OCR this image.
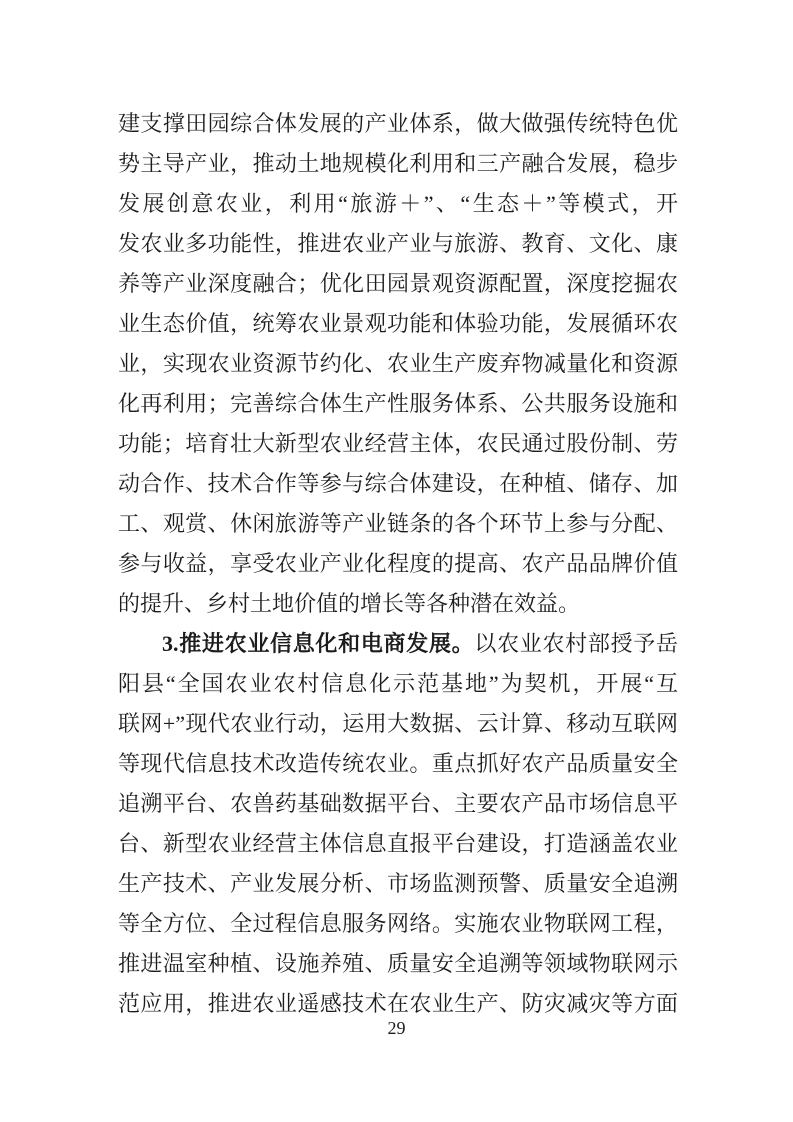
建支撑田园综合体发展的产业体系，做大做强传统特色优
势主导产业，推动土地规模化利用和三产融合发展，稳步
发展创意农业，利用“旅游＋”、“生态＋”等模式，开
发农业多功能性，推进农业产业与旅游、教育、文化、康
养等产业深度融合；优化田园景观资源配置，深度挖掘农
业生态价值，统筹农业景观功能和体验功能，发展循环农
业，实现农业资源节约化、农业生产废弃物减量化和资源
化再利用；完善综合体生产性服务体系、公共服务设施和
功能；培育壮大新型农业经营主体，农民通过股份制、劳
动合作、技术合作等参与综合体建设，在种植、储存、加
工、观赏、休闲旅游等产业链条的各个环节上参与分配、
参与收益，享受农业产业化程度的提高、农产品品牌价值
的提升、乡村土地价值的增长等各种潜在效益。
3.推进农业信息化和电商发展。以农业农村部授予岳
阳县“全国农业农村信息化示范基地”为契机，开展“互
联网+”现代农业行动，运用大数据、云计算、移动互联网
等现代信息技术改造传统农业。重点抓好农产品质量安全
追溯平台、农兽药基础数据平台、主要农产品市场信息平
台、新型农业经营主体信息直报平台建设，打造涵盖农业
生产技术、产业发展分析、市场监测预警、质量安全追溯
等全方位、全过程信息服务网络。实施农业物联网工程，
推进温室种植、设施养殖、质量安全追溯等领域物联网示
范应用，推进农业遥感技术在农业生产、防灾减灾等方面
29
